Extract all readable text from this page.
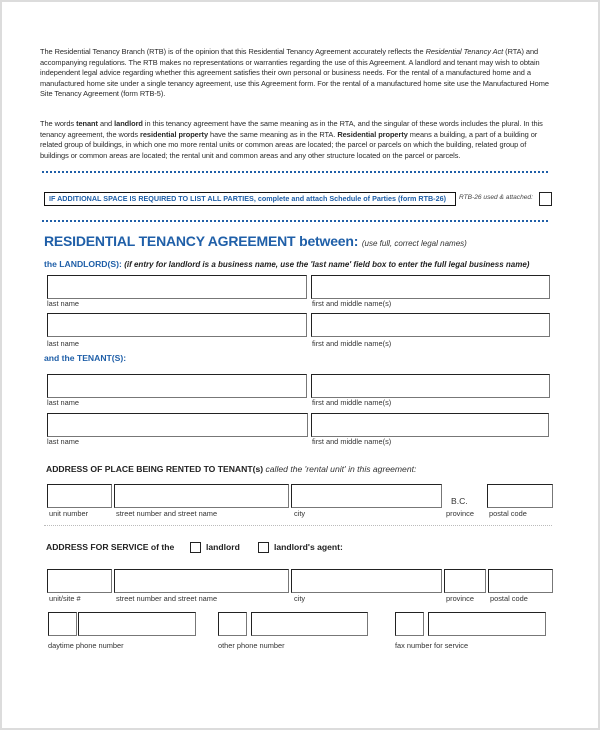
The Residential Tenancy Branch (RTB) is of the opinion that this Residential Tenancy Agreement accurately reflects the Residential Tenancy Act (RTA) and accompanying regulations. The RTB makes no representations or warranties regarding the use of this Agreement. A landlord and tenant may wish to obtain independent legal advice regarding whether this agreement satisfies their own personal or business needs. For the rental of a manufactured home and a manufactured home site under a single tenancy agreement, use this Agreement form. For the rental of a manufactured home site use the Manufactured Home Site Tenancy Agreement (form RTB-5).

The words tenant and landlord in this tenancy agreement have the same meaning as in the RTA, and the singular of these words includes the plural. In this tenancy agreement, the words residential property have the same meaning as in the RTA. Residential property means a building, a part of a building or related group of buildings, in which one mo more rental units or common areas are located; the parcel or parcels on which the building, related group of buildings or common areas are located; the rental unit and common areas and any other structure located on the parcel or parcels.

IF ADDITIONAL SPACE IS REQUIRED TO LIST ALL PARTIES, complete and attach Schedule of Parties (form RTB-26)	RTB-26 used & attached:
RESIDENTIAL TENANCY AGREEMENT between: (use full, correct legal names)
the LANDLORD(S): (if entry for landlord is a business name, use the 'last name' field box to enter the full legal business name)
last name	first and middle name(s)
last name	first and middle name(s)
and the TENANT(S):
last name	first and middle name(s)
last name	first and middle name(s)
ADDRESS OF PLACE BEING RENTED TO TENANT(s) called the 'rental unit' in this agreement:
B.C.
unit number	street number and street name	city	province postal code
ADDRESS FOR SERVICE of the	landlord	landlord's agent:
unit/site #	street number and street name	city	province postal code
daytime phone number	other phone number	fax number for service
